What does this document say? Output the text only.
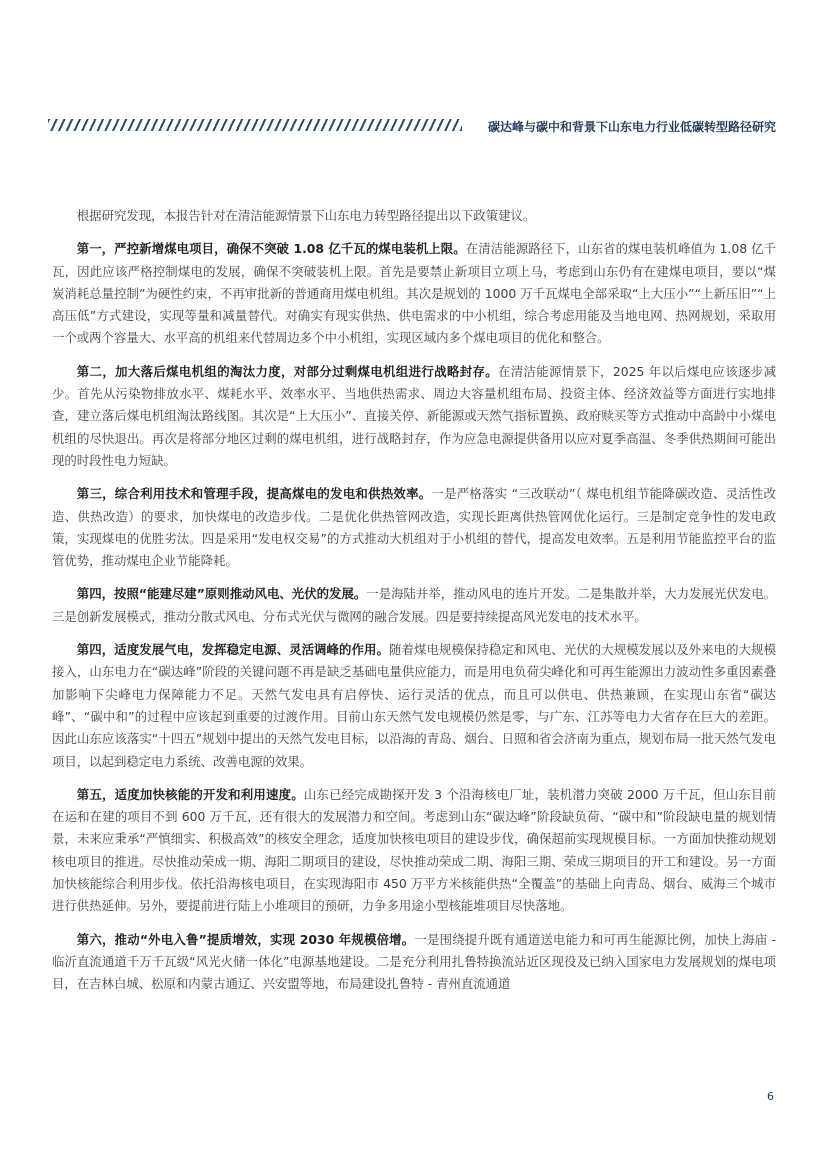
碳达峰与碳中和背景下山东电力行业低碳转型路径研究

根据研究发现，本报告针对在清洁能源情景下山东电力转型路径提出以下政策建议。

第一，严控新增煤电项目，确保不突破 1.08 亿千瓦的煤电装机上限。在清洁能源路径下，山东省的煤电装机峰值为 1.08 亿千瓦，因此应该严格控制煤电的发展，确保不突破装机上限。首先是要禁止新项目立项上马，考虑到山东仍有在建煤电项目，要以“煤炭消耗总量控制”为硬性约束，不再审批新的普通商用煤电机组。其次是规划的 1000 万千瓦煤电全部采取“上大压小”“上新压旧”“上高压低”方式建设，实现等量和减量替代。对确实有现实供热、供电需求的中小机组，综合考虑用能及当地电网、热网规划，采取用一个或两个容量大、水平高的机组来代替周边多个中小机组，实现区域内多个煤电项目的优化和整合。

第二，加大落后煤电机组的淘汰力度，对部分过剩煤电机组进行战略封存。在清洁能源情景下，2025 年以后煤电应该逐步减少。首先从污染物排放水平、煤耗水平、效率水平、当地供热需求、周边大容量机组布局、投资主体、经济效益等方面进行实地排查，建立落后煤电机组淘汰路线图。其次是“上大压小”、直接关停、新能源或天然气指标置换、政府赎买等方式推动中高龄中小煤电机组的尽快退出。再次是将部分地区过剩的煤电机组，进行战略封存，作为应急电源提供备用以应对夏季高温、冬季供热期间可能出现的时段性电力短缺。

第三，综合利用技术和管理手段，提高煤电的发电和供热效率。一是严格落实 “三改联动”（ 煤电机组节能降碳改造、灵活性改造、供热改造）的要求，加快煤电的改造步伐。二是优化供热管网改造，实现长距离供热管网优化运行。三是制定竞争性的发电政策，实现煤电的优胜劣汰。四是采用“发电权交易”的方式推动大机组对于小机组的替代，提高发电效率。五是利用节能监控平台的监管优势，推动煤电企业节能降耗。

第四，按照“能建尽建”原则推动风电、光伏的发展。一是海陆并举，推动风电的连片开发。二是集散并举，大力发展光伏发电。三是创新发展模式，推动分散式风电、分布式光伏与微网的融合发展。四是要持续提高风光发电的技术水平。

第四，适度发展气电，发挥稳定电源、灵活调峰的作用。随着煤电规模保持稳定和风电、光伏的大规模发展以及外来电的大规模接入，山东电力在“碳达峰”阶段的关键问题不再是缺乏基础电量供应能力，而是用电负荷尖峰化和可再生能源出力波动性多重因素叠加影响下尖峰电力保障能力不足。天然气发电具有启停快、运行灵活的优点，而且可以供电、供热兼顾，在实现山东省“碳达峰”、“碳中和”的过程中应该起到重要的过渡作用。目前山东天然气发电规模仍然是零，与广东、江苏等电力大省存在巨大的差距。因此山东应该落实“十四五”规划中提出的天然气发电目标，以沿海的青岛、烟台、日照和省会济南为重点，规划布局一批天然气发电项目，以起到稳定电力系统、改善电源的效果。

第五，适度加快核能的开发和利用速度。山东已经完成勘探开发 3 个沿海核电厂址，装机潜力突破 2000 万千瓦，但山东目前在运和在建的项目不到 600 万千瓦，还有很大的发展潜力和空间。考虑到山东“碳达峰”阶段缺负荷、“碳中和”阶段缺电量的规划情景，未来应秉承“严慎细实、积极高效”的核安全理念，适度加快核电项目的建设步伐，确保超前实现规模目标。一方面加快推动规划核电项目的推进。尽快推动荣成一期、海阳二期项目的建设，尽快推动荣成二期、海阳三期、荣成三期项目的开工和建设。另一方面加快核能综合利用步伐。依托沿海核电项目，在实现海阳市 450 万平方米核能供热“全覆盖”的基础上向青岛、烟台、威海三个城市进行供热延伸。另外，要提前进行陆上小堆项目的预研，力争多用途小型核能堆项目尽快落地。

第六，推动“外电入鲁”提质增效，实现 2030 年规模倍增。一是围绕提升既有通道送电能力和可再生能源比例，加快上海庙 - 临沂直流通道千万千瓦级“风光火储一体化”电源基地建设。二是充分利用扎鲁特换流站近区现役及已纳入国家电力发展规划的煤电项目，在吉林白城、松原和内蒙古通辽、兴安盟等地，布局建设扎鲁特 - 青州直流通道

6
